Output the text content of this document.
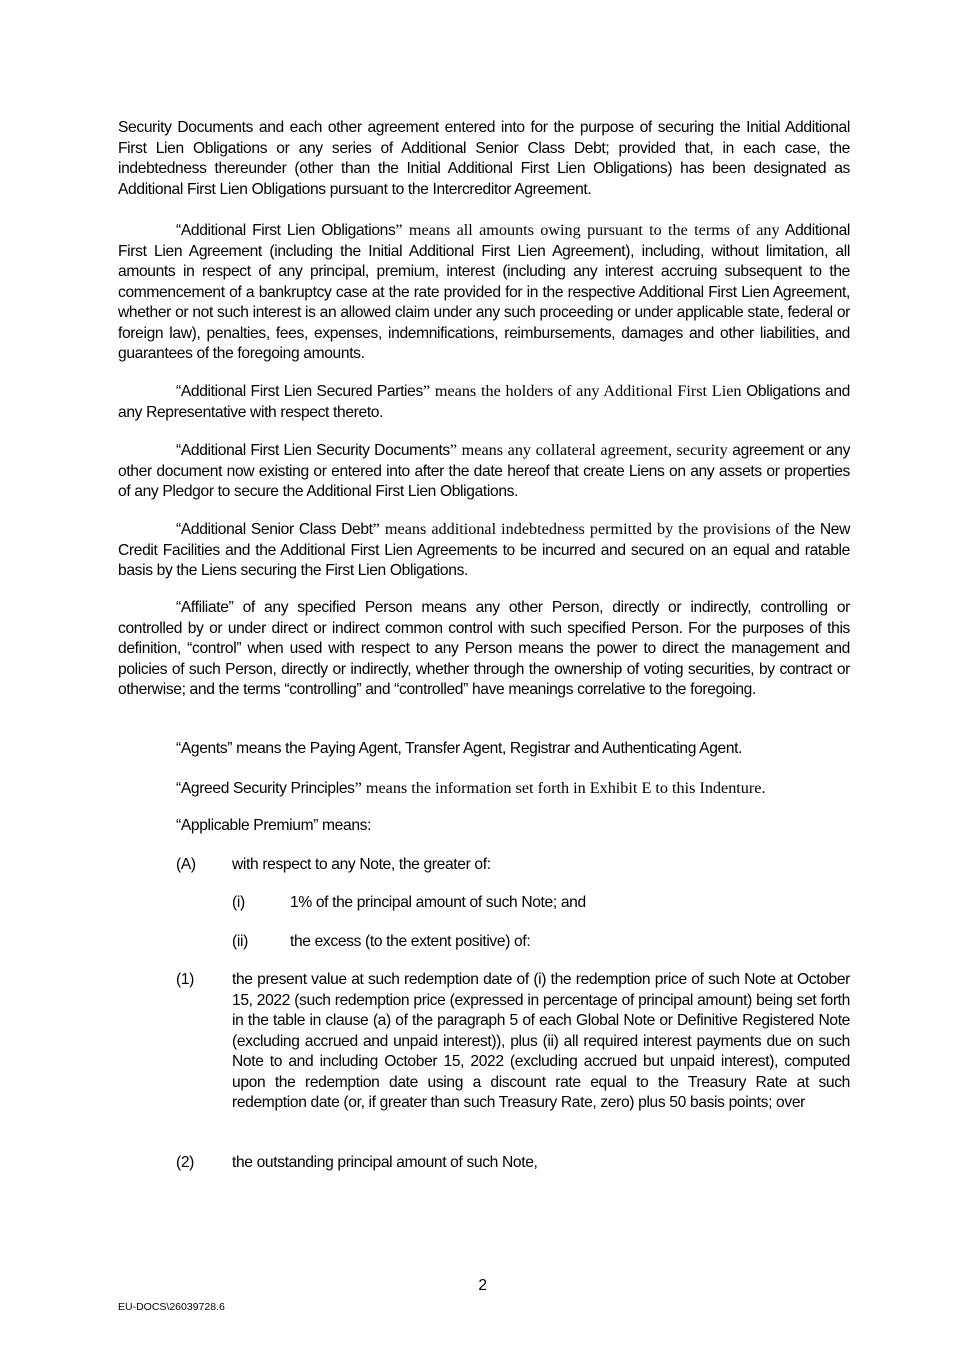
Security Documents and each other agreement entered into for the purpose of securing the Initial Additional First Lien Obligations or any series of Additional Senior Class Debt; provided that, in each case, the indebtedness thereunder (other than the Initial Additional First Lien Obligations) has been designated as Additional First Lien Obligations pursuant to the Intercreditor Agreement.

“Additional First Lien Obligations” means all amounts owing pursuant to the terms of any Additional First Lien Agreement (including the Initial Additional First Lien Agreement), including, without limitation, all amounts in respect of any principal, premium, interest (including any interest accruing subsequent to the commencement of a bankruptcy case at the rate provided for in the respective Additional First Lien Agreement, whether or not such interest is an allowed claim under any such proceeding or under applicable state, federal or foreign law), penalties, fees, expenses, indemnifications, reimbursements, damages and other liabilities, and guarantees of the foregoing amounts.

“Additional First Lien Secured Parties” means the holders of any Additional First Lien Obligations and any Representative with respect thereto.

“Additional First Lien Security Documents” means any collateral agreement, security agreement or any other document now existing or entered into after the date hereof that create Liens on any assets or properties of any Pledgor to secure the Additional First Lien Obligations.

“Additional Senior Class Debt” means additional indebtedness permitted by the provisions of the New Credit Facilities and the Additional First Lien Agreements to be incurred and secured on an equal and ratable basis by the Liens securing the First Lien Obligations.

“Affiliate” of any specified Person means any other Person, directly or indirectly, controlling or controlled by or under direct or indirect common control with such specified Person. For the purposes of this definition, “control” when used with respect to any Person means the power to direct the management and policies of such Person, directly or indirectly, whether through the ownership of voting securities, by contract or otherwise; and the terms “controlling” and “controlled” have meanings correlative to the foregoing.

“Agents” means the Paying Agent, Transfer Agent, Registrar and Authenticating Agent.

“Agreed Security Principles” means the information set forth in Exhibit E to this Indenture.

“Applicable Premium” means:

(A) with respect to any Note, the greater of:
(i)	1% of the principal amount of such Note; and
(ii)	the excess (to the extent positive) of:
(1) the present value at such redemption date of (i) the redemption price of such Note at October 15, 2022 (such redemption price (expressed in percentage of principal amount) being set forth in the table in clause (a) of the paragraph 5 of each Global Note or Definitive Registered Note (excluding accrued and unpaid interest)), plus (ii) all required interest payments due on such Note to and including October 15, 2022 (excluding accrued but unpaid interest), computed upon the redemption date using a discount rate equal to the Treasury Rate at such redemption date (or, if greater than such Treasury Rate, zero) plus 50 basis points; over

(2) the outstanding principal amount of such Note,
2
EU-DOCS\26039728.6
